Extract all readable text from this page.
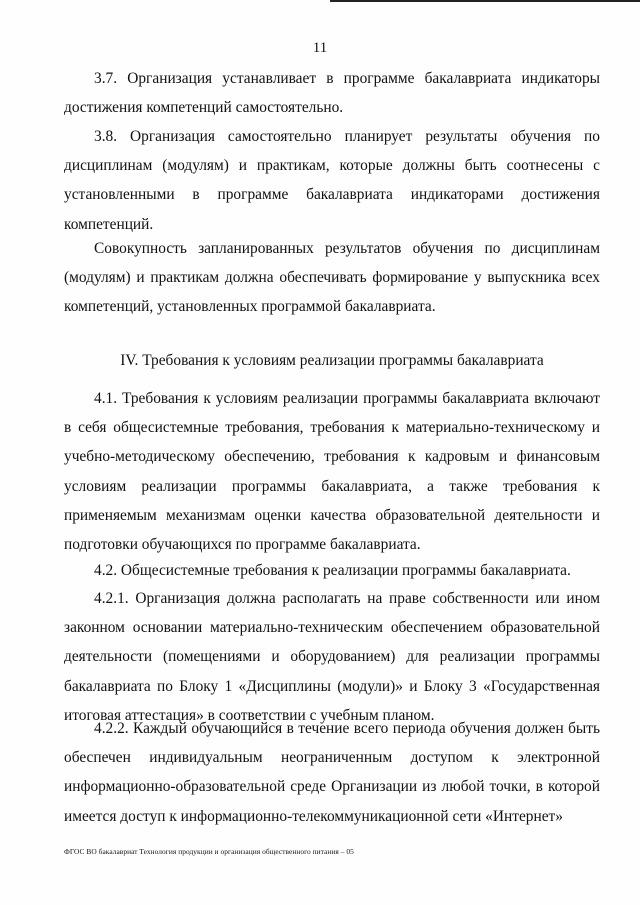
11

3.7. Организация устанавливает в программе бакалавриата индикаторы достижения компетенций самостоятельно.

3.8. Организация самостоятельно планирует результаты обучения по дисциплинам (модулям) и практикам, которые должны быть соотнесены с установленными в программе бакалавриата индикаторами достижения компетенций.

Совокупность запланированных результатов обучения по дисциплинам (модулям) и практикам должна обеспечивать формирование у выпускника всех компетенций, установленных программой бакалавриата.

IV. Требования к условиям реализации программы бакалавриата

4.1. Требования к условиям реализации программы бакалавриата включают в себя общесистемные требования, требования к материально-техническому и учебно-методическому обеспечению, требования к кадровым и финансовым условиям реализации программы бакалавриата, а также требования к применяемым механизмам оценки качества образовательной деятельности и подготовки обучающихся по программе бакалавриата.

4.2. Общесистемные требования к реализации программы бакалавриата.

4.2.1. Организация должна располагать на праве собственности или ином законном основании материально-техническим обеспечением образовательной деятельности (помещениями и оборудованием) для реализации программы бакалавриата по Блоку 1 «Дисциплины (модули)» и Блоку 3 «Государственная итоговая аттестация» в соответствии с учебным планом.

4.2.2. Каждый обучающийся в течение всего периода обучения должен быть обеспечен индивидуальным неограниченным доступом к электронной информационно-образовательной среде Организации из любой точки, в которой имеется доступ к информационно-телекоммуникационной сети «Интернет»

ФГОС ВО бакалавриат Технология продукции и организация общественного питания – 05
